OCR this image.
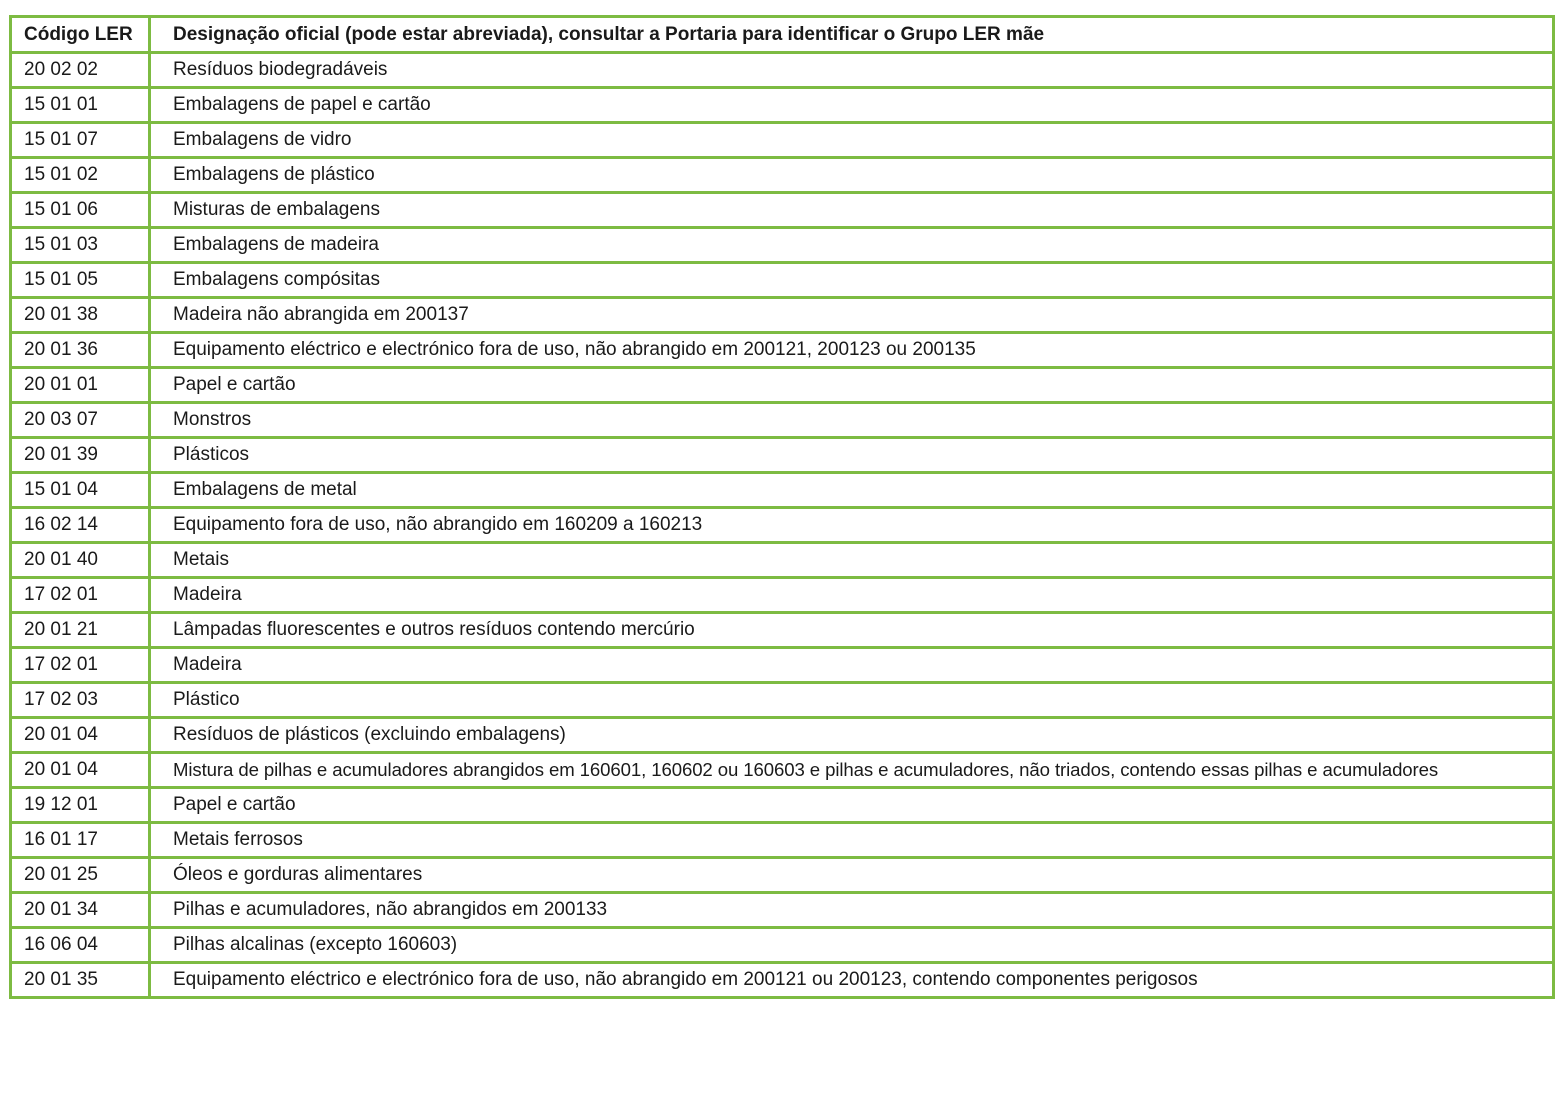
Código LER	Designação oficial (pode estar abreviada), consultar a Portaria para identificar o Grupo LER mãe
20 02 02	Resíduos biodegradáveis
15 01 01	Embalagens de papel e cartão
15 01 07	Embalagens de vidro
15 01 02	Embalagens de plástico
15 01 06	Misturas de embalagens
15 01 03	Embalagens de madeira
15 01 05	Embalagens compósitas
20 01 38	Madeira não abrangida em 200137
20 01 36	Equipamento eléctrico e electrónico fora de uso, não abrangido em 200121, 200123 ou 200135
20 01 01	Papel e cartão
20 03 07	Monstros
20 01 39	Plásticos
15 01 04	Embalagens de metal
16 02 14	Equipamento fora de uso, não abrangido em 160209 a 160213
20 01 40	Metais
17 02 01	Madeira
20 01 21	Lâmpadas fluorescentes e outros resíduos contendo mercúrio
17 02 01	Madeira
17 02 03	Plástico
20 01 04	Resíduos de plásticos (excluindo embalagens)
20 01 04	Mistura de pilhas e acumuladores abrangidos em 160601, 160602 ou 160603 e pilhas e acumuladores, não triados, contendo essas pilhas e acumuladores
19 12 01	Papel e cartão
16 01 17	Metais ferrosos
20 01 25	Óleos e gorduras alimentares
20 01 34	Pilhas e acumuladores, não abrangidos em 200133
16 06 04	Pilhas alcalinas (excepto 160603)
20 01 35	Equipamento eléctrico e electrónico fora de uso, não abrangido em 200121 ou 200123, contendo componentes perigosos
